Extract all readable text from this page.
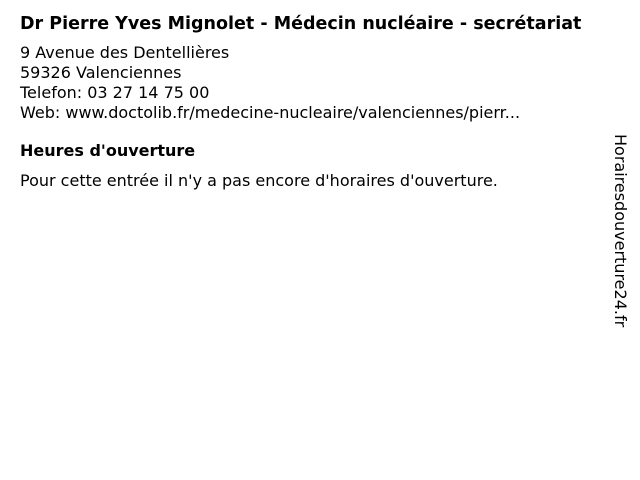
Dr Pierre Yves Mignolet - Médecin nucléaire - secrétariat
9 Avenue des Dentellières
59326 Valenciennes
Telefon: 03 27 14 75 00
Web: www.doctolib.fr/medecine-nucleaire/valenciennes/pierr...
Heures d'ouverture
Pour cette entrée il n'y a pas encore d'horaires d'ouverture.	Horairesdouverture24.fr
